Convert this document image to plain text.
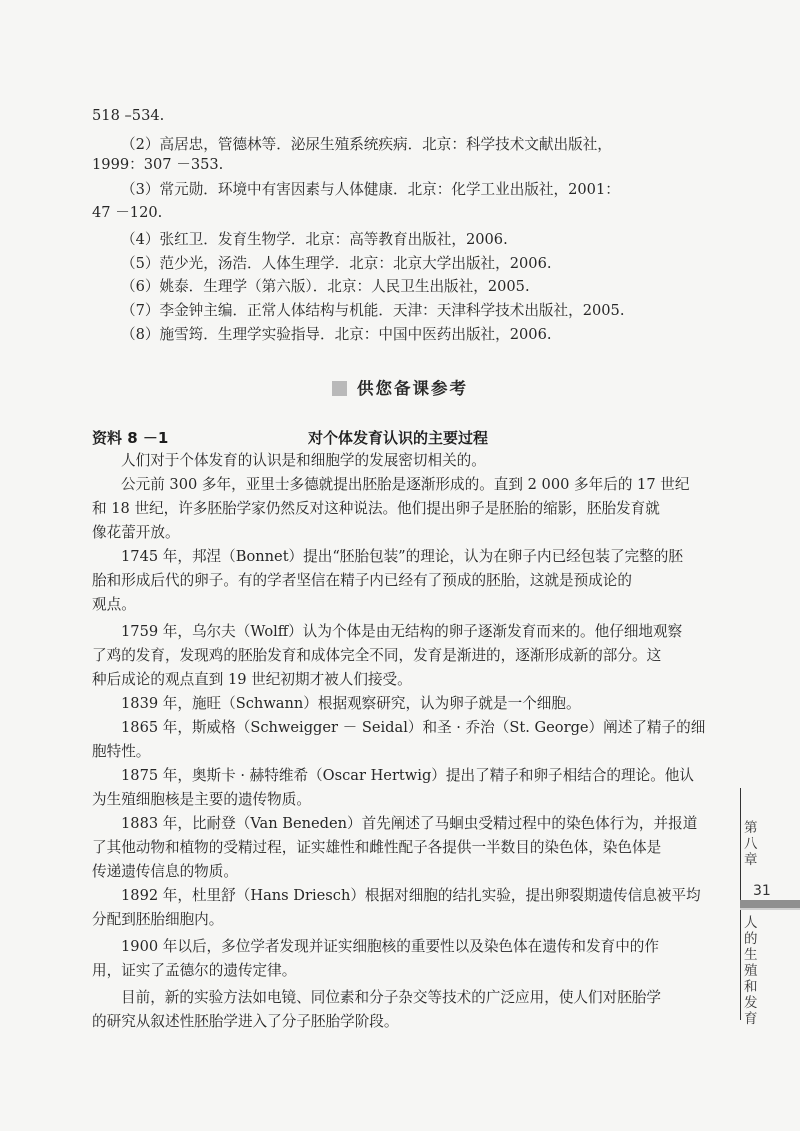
518 –534.
（2）高居忠，管德林等．泌尿生殖系统疾病．北京：科学技术文献出版社，
1999：307 －353.
（3）常元勋．环境中有害因素与人体健康．北京：化学工业出版社，2001：
47 －120.
（4）张红卫．发育生物学．北京：高等教育出版社，2006.
（5）范少光，汤浩．人体生理学．北京：北京大学出版社，2006.
（6）姚泰．生理学（第六版）．北京：人民卫生出版社，2005.
（7）李金钟主编．正常人体结构与机能．天津：天津科学技术出版社，2005.
（8）施雪筠．生理学实验指导．北京：中国中医药出版社，2006.
供您备课参考
资料 8 －1	对个体发育认识的主要过程
人们对于个体发育的认识是和细胞学的发展密切相关的。
公元前 300 多年，亚里士多德就提出胚胎是逐渐形成的。直到 2 000 多年后的 17 世纪
和 18 世纪，许多胚胎学家仍然反对这种说法。他们提出卵子是胚胎的缩影，胚胎发育就
像花蕾开放。
1745 年，邦涅（Bonnet）提出“胚胎包装”的理论，认为在卵子内已经包装了完整的胚
胎和形成后代的卵子。有的学者坚信在精子内已经有了预成的胚胎，这就是预成论的
观点。
1759 年，乌尔夫（Wolff）认为个体是由无结构的卵子逐渐发育而来的。他仔细地观察
了鸡的发育，发现鸡的胚胎发育和成体完全不同，发育是渐进的，逐渐形成新的部分。这
种后成论的观点直到 19 世纪初期才被人们接受。
1839 年，施旺（Schwann）根据观察研究，认为卵子就是一个细胞。
1865 年，斯威格（Schweigger － Seidal）和圣 · 乔治（St. George）阐述了精子的细
胞特性。
1875 年，奥斯卡 · 赫特维希（Oscar Hertwig）提出了精子和卵子相结合的理论。他认
为生殖细胞核是主要的遗传物质。
1883 年，比耐登（Van Beneden）首先阐述了马蛔虫受精过程中的染色体行为，并报道
了其他动物和植物的受精过程，证实雄性和雌性配子各提供一半数目的染色体，染色体是
传递遗传信息的物质。
1892 年，杜里舒（Hans Driesch）根据对细胞的结扎实验，提出卵裂期遗传信息被平均
分配到胚胎细胞内。
1900 年以后，多位学者发现并证实细胞核的重要性以及染色体在遗传和发育中的作
用，证实了孟德尔的遗传定律。
目前，新的实验方法如电镜、同位素和分子杂交等技术的广泛应用，使人们对胚胎学
的研究从叙述性胚胎学进入了分子胚胎学阶段。
第八章
31
人的生殖和发育
